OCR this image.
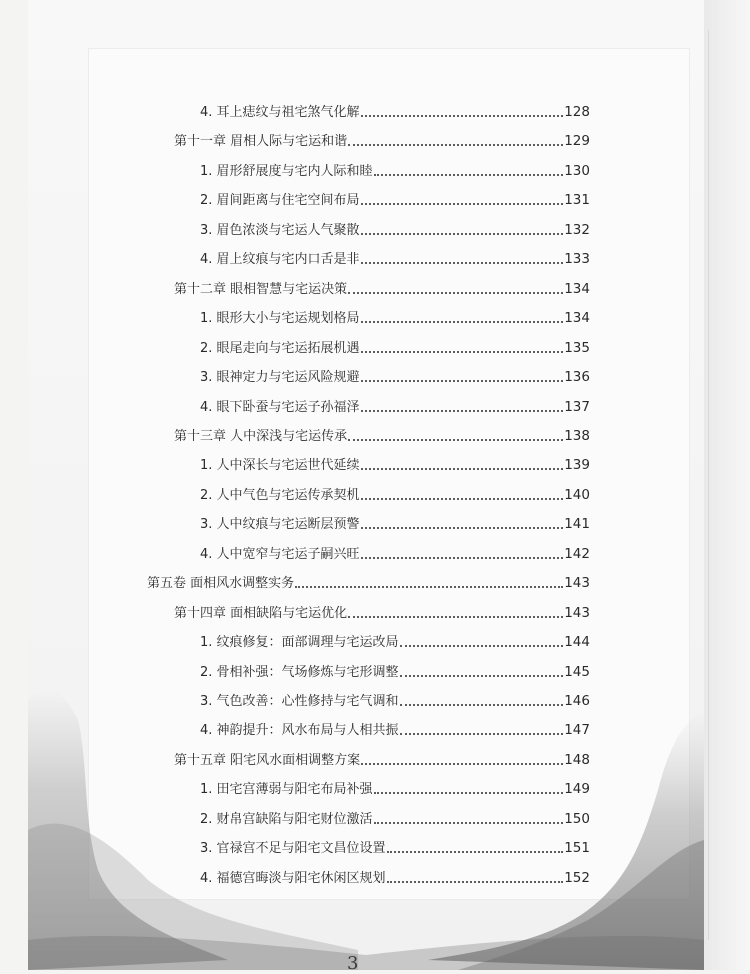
4. 耳上痣纹与祖宅煞气化解	128
第十一章 眉相人际与宅运和谐	129
1. 眉形舒展度与宅内人际和睦	130
2. 眉间距离与住宅空间布局	131
3. 眉色浓淡与宅运人气聚散	132
4. 眉上纹痕与宅内口舌是非	133
第十二章 眼相智慧与宅运决策	134
1. 眼形大小与宅运规划格局	134
2. 眼尾走向与宅运拓展机遇	135
3. 眼神定力与宅运风险规避	136
4. 眼下卧蚕与宅运子孙福泽	137
第十三章 人中深浅与宅运传承	138
1. 人中深长与宅运世代延续	139
2. 人中气色与宅运传承契机	140
3. 人中纹痕与宅运断层预警	141
4. 人中宽窄与宅运子嗣兴旺	142
第五卷 面相风水调整实务	143
第十四章 面相缺陷与宅运优化	143
1. 纹痕修复：面部调理与宅运改局	144
2. 骨相补强：气场修炼与宅形调整	145
3. 气色改善：心性修持与宅气调和	146
4. 神韵提升：风水布局与人相共振	147
第十五章 阳宅风水面相调整方案	148
1. 田宅宫薄弱与阳宅布局补强	149
2. 财帛宫缺陷与阳宅财位激活	150
3. 官禄宫不足与阳宅文昌位设置	151
4. 福德宫晦淡与阳宅休闲区规划	152
3
